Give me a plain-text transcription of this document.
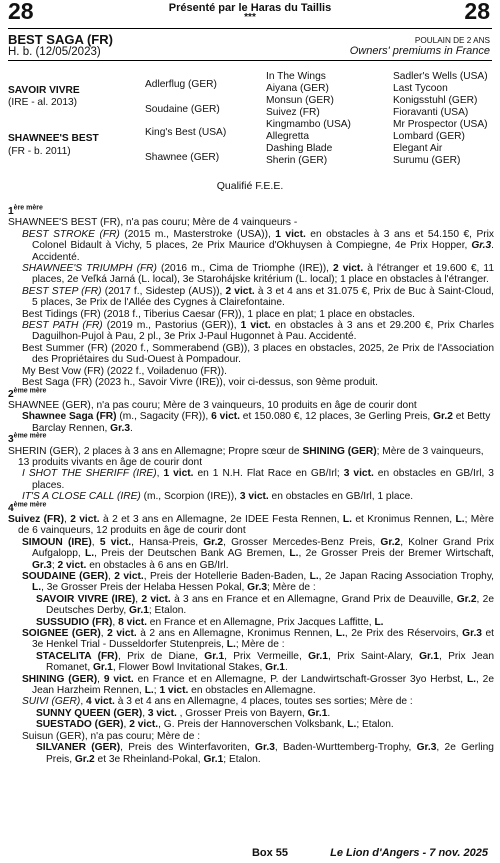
28	Présenté par le Haras du Taillis
***	28
BEST SAGA (FR)	POULAIN DE 2 ANS
H. b. (12/05/2023)	Owners' premiums in France
SAVOIR VIVRE
(IRE - al. 2013)
SHAWNEE'S BEST
(FR - b. 2011)
Adlerflug (GER)
Soudaine (GER)
King's Best (USA)
Shawnee (GER)
In The Wings
Aiyana (GER)
Monsun (GER)
Suivez (FR)
Kingmambo (USA)
Allegretta
Dashing Blade
Sherin (GER)
Sadler's Wells (USA)
Last Tycoon
Konigsstuhl (GER)
Fioravanti (USA)
Mr Prospector (USA)
Lombard (GER)
Elegant Air
Surumu (GER)
Qualifié F.E.E.

$1^{ère mère}$

SHAWNEE'S BEST (FR), n'a pas couru; Mère de 4 vainqueurs -

BEST STROKE (FR) (2015 m., Masterstroke (USA)), 1 vict. en obstacles à 3 ans et 54.150 €, Prix Colonel Bidault à Vichy, 5 places, 2e Prix Maurice d'Okhuysen à Compiegne, 4e Prix Hopper, Gr.3. Accidenté.

SHAWNEE'S TRIUMPH (FR) (2016 m., Cima de Triomphe (IRE)), 2 vict. à l'étranger et 19.600 €, 11 places, 2e Veľká Jarná (L. local), 3e Starohájske kritérium (L. local); 1 place en obstacles à l'étranger.

BEST STEP (FR) (2017 f., Sidestep (AUS)), 2 vict. à 3 et 4 ans et 31.075 €, Prix de Buc à Saint-Cloud, 5 places, 3e Prix de l'Allée des Cygnes à Clairefontaine.

Best Tidings (FR) (2018 f., Tiberius Caesar (FR)), 1 place en plat; 1 place en obstacles.

BEST PATH (FR) (2019 m., Pastorius (GER)), 1 vict. en obstacles à 3 ans et 29.200 €, Prix Charles Daguilhon-Pujol à Pau, 2 pl., 3e Prix J-Paul Hugonnet à Pau. Accidenté.

Best Summer (FR) (2020 f., Sommerabend (GB)), 3 places en obstacles, 2025, 2e Prix de l'Association des Propriétaires du Sud-Ouest à Pompadour.

My Best Vow (FR) (2022 f., Voiladenuo (FR)).

Best Saga (FR) (2023 h., Savoir Vivre (IRE)), voir ci-dessus, son 9ème produit.

$2^{ème mère}$

SHAWNEE (GER), n'a pas couru; Mère de 3 vainqueurs, 10 produits en âge de courir dont

Shawnee Saga (FR) (m., Sagacity (FR)), 6 vict. et 150.080 €, 12 places, 3e Gerling Preis, Gr.2 et Betty Barclay Rennen, Gr.3.

$3^{ème mère}$

SHERIN (GER), 2 places à 3 ans en Allemagne; Propre sœur de SHINING (GER); Mère de 3 vainqueurs, 13 produits vivants en âge de courir dont

I SHOT THE SHERIFF (IRE), 1 vict. en 1 N.H. Flat Race en GB/Irl; 3 vict. en obstacles en GB/Irl, 3 places.

IT'S A CLOSE CALL (IRE) (m., Scorpion (IRE)), 3 vict. en obstacles en GB/Irl, 1 place.

$4^{ème mère}$

Suivez (FR), 2 vict. à 2 et 3 ans en Allemagne, 2e IDEE Festa Rennen, L. et Kronimus Rennen, L.; Mère de 6 vainqueurs, 12 produits en âge de courir dont

SIMOUN (IRE), 5 vict., Hansa-Preis, Gr.2, Grosser Mercedes-Benz Preis, Gr.2, Kolner Grand Prix Aufgalopp, L., Preis der Deutschen Bank AG Bremen, L., 2e Grosser Preis der Bremer Wirtschaft, Gr.3; 2 vict. en obstacles à 6 ans en GB/Irl.

SOUDAINE (GER), 2 vict., Preis der Hotellerie Baden-Baden, L., 2e Japan Racing Association Trophy, L., 3e Grosser Preis der Helaba Hessen Pokal, Gr.3; Mère de :

SAVOIR VIVRE (IRE), 2 vict. à 3 ans en France et en Allemagne, Grand Prix de Deauville, Gr.2, 2e Deutsches Derby, Gr.1; Etalon.

SUSSUDIO (FR), 8 vict. en France et en Allemagne, Prix Jacques Laffitte, L.

SOIGNEE (GER), 2 vict. à 2 ans en Allemagne, Kronimus Rennen, L., 2e Prix des Réservoirs, Gr.3 et 3e Henkel Trial - Dusseldorfer Stutenpreis, L.; Mère de :

STACELITA (FR), Prix de Diane, Gr.1, Prix Vermeille, Gr.1, Prix Saint-Alary, Gr.1, Prix Jean Romanet, Gr.1, Flower Bowl Invitational Stakes, Gr.1.

SHINING (GER), 9 vict. en France et en Allemagne, P. der Landwirtschaft-Grosser 3yo Herbst, L., 2e Jean Harzheim Rennen, L.; 1 vict. en obstacles en Allemagne.

SUIVI (GER), 4 vict. à 3 et 4 ans en Allemagne, 4 places, toutes ses sorties; Mère de :

SUNNY QUEEN (GER), 3 vict. , Grosser Preis von Bayern, Gr.1.

SUESTADO (GER), 2 vict., G. Preis der Hannoverschen Volksbank, L.; Etalon.

Suisun (GER), n'a pas couru; Mère de :

SILVANER (GER), Preis des Winterfavoriten, Gr.3, Baden-Wurttemberg-Trophy, Gr.3, 2e Gerling Preis, Gr.2 et 3e Rheinland-Pokal, Gr.1; Etalon.

Box 55	Le Lion d'Angers - 7 nov. 2025
